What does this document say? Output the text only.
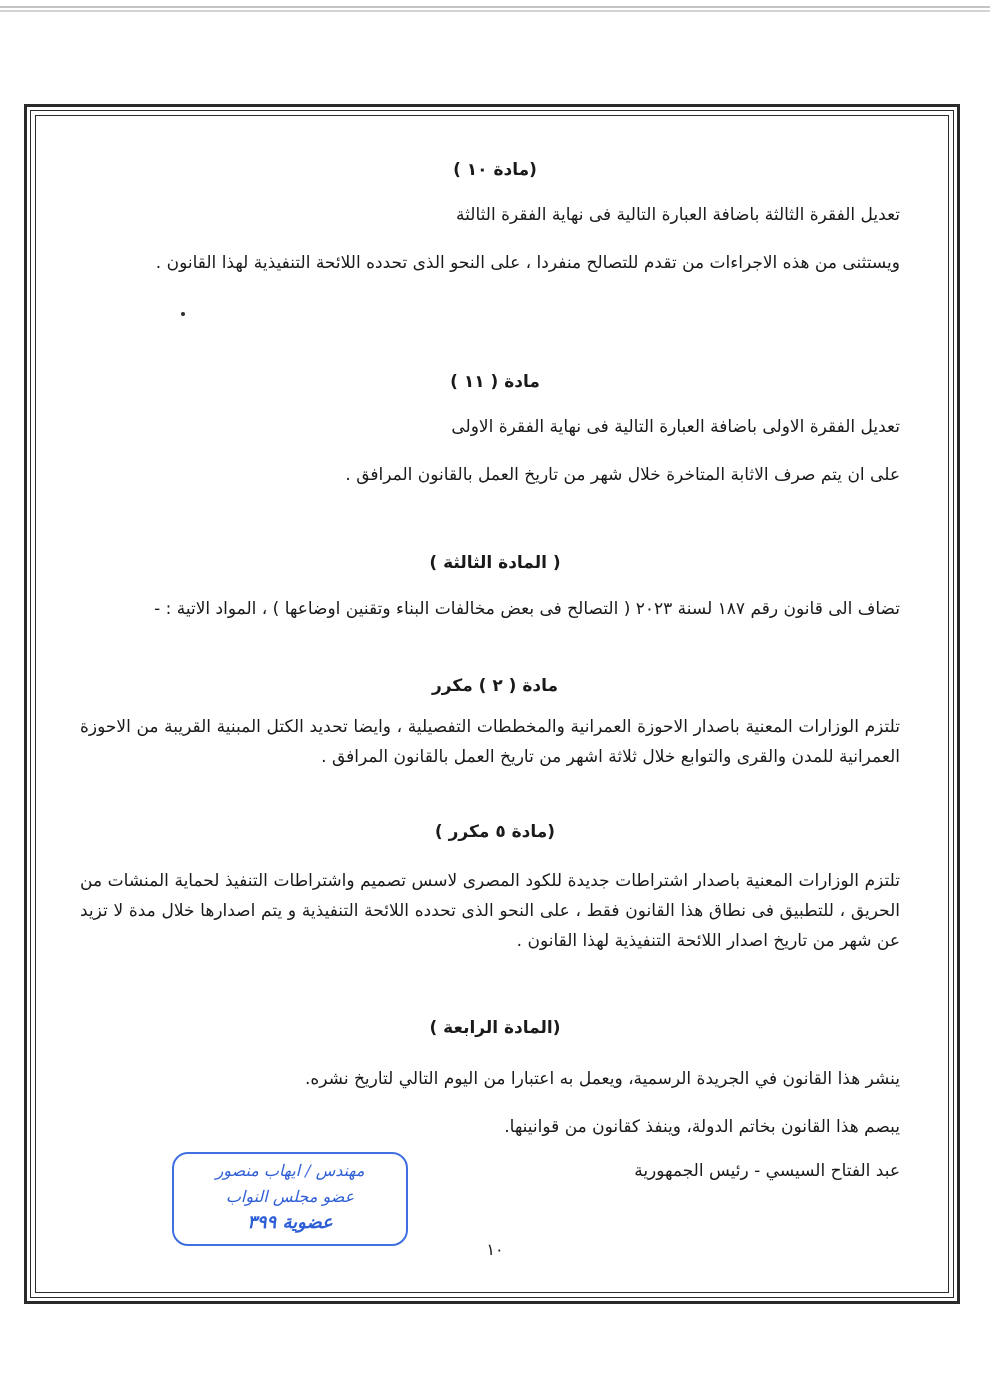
(مادة ١٠ )

تعديل الفقرة الثالثة باضافة العبارة التالية فى نهاية الفقرة الثالثة

ويستثنى من هذه الاجراءات من تقدم للتصالح منفردا ، على النحو الذى تحدده اللائحة التنفيذية لهذا القانون .

مادة ( ١١ )

تعديل الفقرة الاولى باضافة العبارة التالية فى نهاية الفقرة الاولى

على ان يتم صرف الاثابة المتاخرة خلال شهر من تاريخ العمل بالقانون المرافق .

( المادة الثالثة )

تضاف الى قانون رقم ١٨٧ لسنة ٢٠٢٣ ( التصالح فى بعض مخالفات البناء وتقنين اوضاعها ) ، المواد الاتية : -

مادة ( ٢ ) مكرر

تلتزم الوزارات المعنية باصدار الاحوزة العمرانية والمخططات التفصيلية ، وايضا تحديد الكتل المبنية القريبة من الاحوزة العمرانية للمدن والقرى والتوابع خلال ثلاثة اشهر من تاريخ العمل بالقانون المرافق .

(مادة ٥ مكرر )

تلتزم الوزارات المعنية باصدار اشتراطات جديدة للكود المصرى لاسس تصميم واشتراطات التنفيذ لحماية المنشات من الحريق ، للتطبيق فى نطاق هذا القانون فقط ، على النحو الذى تحدده اللائحة التنفيذية و يتم اصدارها خلال مدة لا تزيد عن شهر من تاريخ اصدار اللائحة التنفيذية لهذا القانون .

(المادة الرابعة )

ينشر هذا القانون في الجريدة الرسمية، ويعمل به اعتبارا من اليوم التالي لتاريخ نشره.

يبصم هذا القانون بخاتم الدولة، وينفذ كقانون من قوانينها.

عبد الفتاح السيسي - رئيس الجمهورية

مهندس / ايهاب منصور
عضو مجلس النواب
عضوية ٣٩٩
١٠
